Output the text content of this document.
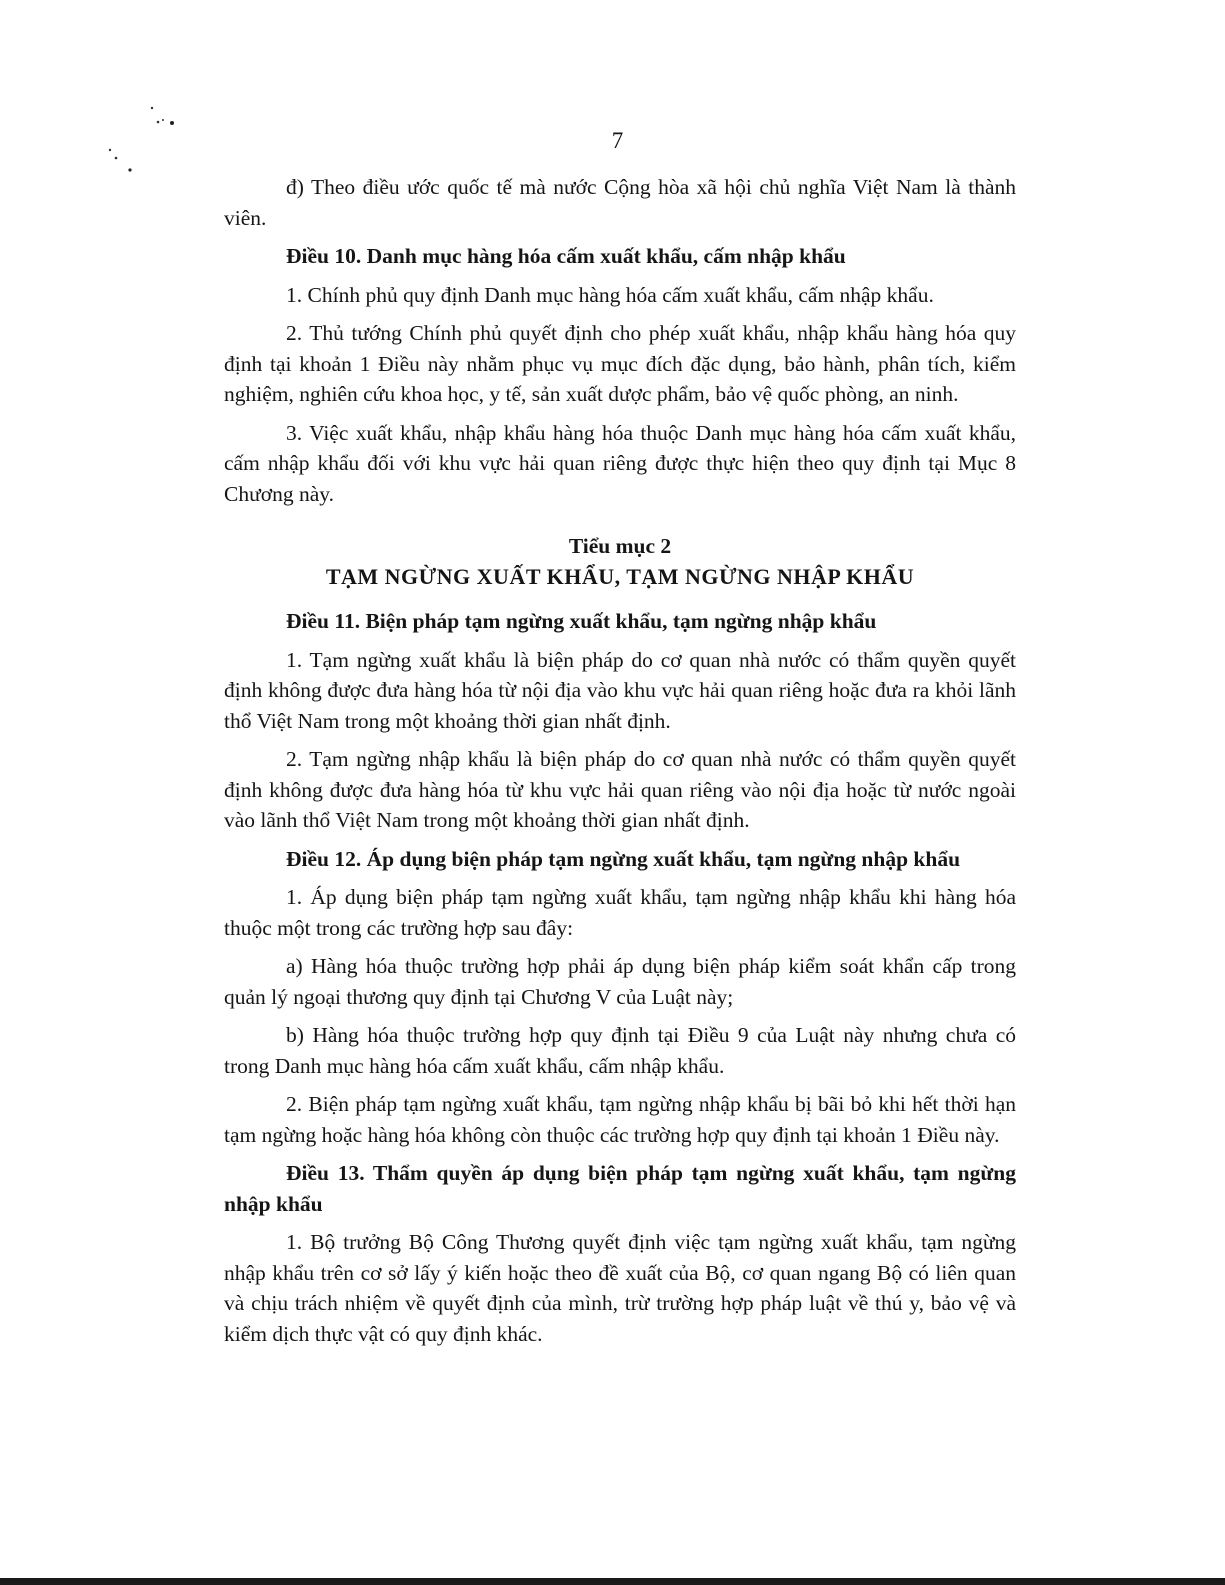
7

đ) Theo điều ước quốc tế mà nước Cộng hòa xã hội chủ nghĩa Việt Nam là thành viên.

Điều 10. Danh mục hàng hóa cấm xuất khẩu, cấm nhập khẩu

1. Chính phủ quy định Danh mục hàng hóa cấm xuất khẩu, cấm nhập khẩu.

2. Thủ tướng Chính phủ quyết định cho phép xuất khẩu, nhập khẩu hàng hóa quy định tại khoản 1 Điều này nhằm phục vụ mục đích đặc dụng, bảo hành, phân tích, kiểm nghiệm, nghiên cứu khoa học, y tế, sản xuất dược phẩm, bảo vệ quốc phòng, an ninh.

3. Việc xuất khẩu, nhập khẩu hàng hóa thuộc Danh mục hàng hóa cấm xuất khẩu, cấm nhập khẩu đối với khu vực hải quan riêng được thực hiện theo quy định tại Mục 8 Chương này.

Tiểu mục 2
TẠM NGỪNG XUẤT KHẨU, TẠM NGỪNG NHẬP KHẨU

Điều 11. Biện pháp tạm ngừng xuất khẩu, tạm ngừng nhập khẩu

1. Tạm ngừng xuất khẩu là biện pháp do cơ quan nhà nước có thẩm quyền quyết định không được đưa hàng hóa từ nội địa vào khu vực hải quan riêng hoặc đưa ra khỏi lãnh thổ Việt Nam trong một khoảng thời gian nhất định.

2. Tạm ngừng nhập khẩu là biện pháp do cơ quan nhà nước có thẩm quyền quyết định không được đưa hàng hóa từ khu vực hải quan riêng vào nội địa hoặc từ nước ngoài vào lãnh thổ Việt Nam trong một khoảng thời gian nhất định.

Điều 12. Áp dụng biện pháp tạm ngừng xuất khẩu, tạm ngừng nhập khẩu

1. Áp dụng biện pháp tạm ngừng xuất khẩu, tạm ngừng nhập khẩu khi hàng hóa thuộc một trong các trường hợp sau đây:

a) Hàng hóa thuộc trường hợp phải áp dụng biện pháp kiểm soát khẩn cấp trong quản lý ngoại thương quy định tại Chương V của Luật này;

b) Hàng hóa thuộc trường hợp quy định tại Điều 9 của Luật này nhưng chưa có trong Danh mục hàng hóa cấm xuất khẩu, cấm nhập khẩu.

2. Biện pháp tạm ngừng xuất khẩu, tạm ngừng nhập khẩu bị bãi bỏ khi hết thời hạn tạm ngừng hoặc hàng hóa không còn thuộc các trường hợp quy định tại khoản 1 Điều này.

Điều 13. Thẩm quyền áp dụng biện pháp tạm ngừng xuất khẩu, tạm ngừng nhập khẩu

1. Bộ trưởng Bộ Công Thương quyết định việc tạm ngừng xuất khẩu, tạm ngừng nhập khẩu trên cơ sở lấy ý kiến hoặc theo đề xuất của Bộ, cơ quan ngang Bộ có liên quan và chịu trách nhiệm về quyết định của mình, trừ trường hợp pháp luật về thú y, bảo vệ và kiểm dịch thực vật có quy định khác.
